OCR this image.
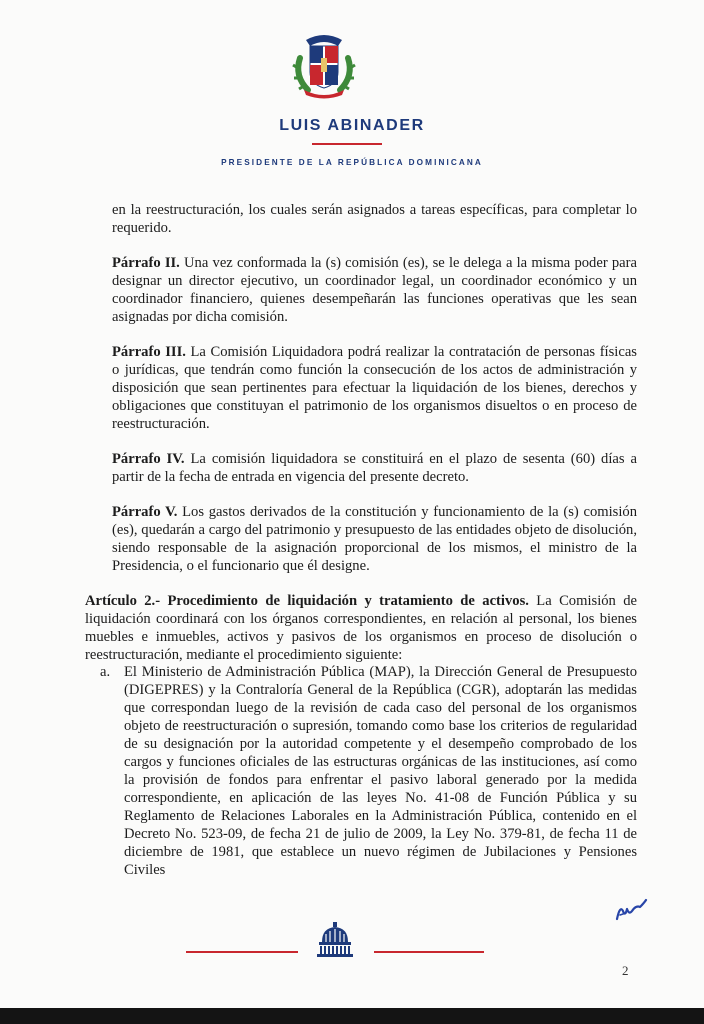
LUIS ABINADER
PRESIDENTE DE LA REPÚBLICA DOMINICANA

en la reestructuración, los cuales serán asignados a tareas específicas, para completar lo requerido.

Párrafo II. Una vez conformada la (s) comisión (es), se le delega a la misma poder para designar un director ejecutivo, un coordinador legal, un coordinador económico y un coordinador financiero, quienes desempeñarán las funciones operativas que les sean asignadas por dicha comisión.

Párrafo III. La Comisión Liquidadora podrá realizar la contratación de personas físicas o jurídicas, que tendrán como función la consecución de los actos de administración y disposición que sean pertinentes para efectuar la liquidación de los bienes, derechos y obligaciones que constituyan el patrimonio de los organismos disueltos o en proceso de reestructuración.

Párrafo IV. La comisión liquidadora se constituirá en el plazo de sesenta (60) días a partir de la fecha de entrada en vigencia del presente decreto.

Párrafo V. Los gastos derivados de la constitución y funcionamiento de la (s) comisión (es), quedarán a cargo del patrimonio y presupuesto de las entidades objeto de disolución, siendo responsable de la asignación proporcional de los mismos, el ministro de la Presidencia, o el funcionario que él designe.

Artículo 2.- Procedimiento de liquidación y tratamiento de activos. La Comisión de liquidación coordinará con los órganos correspondientes, en relación al personal, los bienes muebles e inmuebles, activos y pasivos de los organismos en proceso de disolución o reestructuración, mediante el procedimiento siguiente:

a. El Ministerio de Administración Pública (MAP), la Dirección General de Presupuesto (DIGEPRES) y la Contraloría General de la República (CGR), adoptarán las medidas que correspondan luego de la revisión de cada caso del personal de los organismos objeto de reestructuración o supresión, tomando como base los criterios de regularidad de su designación por la autoridad competente y el desempeño comprobado de los cargos y funciones oficiales de las estructuras orgánicas de las instituciones, así como la provisión de fondos para enfrentar el pasivo laboral generado por la medida correspondiente, en aplicación de las leyes No. 41-08 de Función Pública y su Reglamento de Relaciones Laborales en la Administración Pública, contenido en el Decreto No. 523-09, de fecha 21 de julio de 2009, la Ley No. 379-81, de fecha 11 de diciembre de 1981, que establece un nuevo régimen de Jubilaciones y Pensiones Civiles
2
